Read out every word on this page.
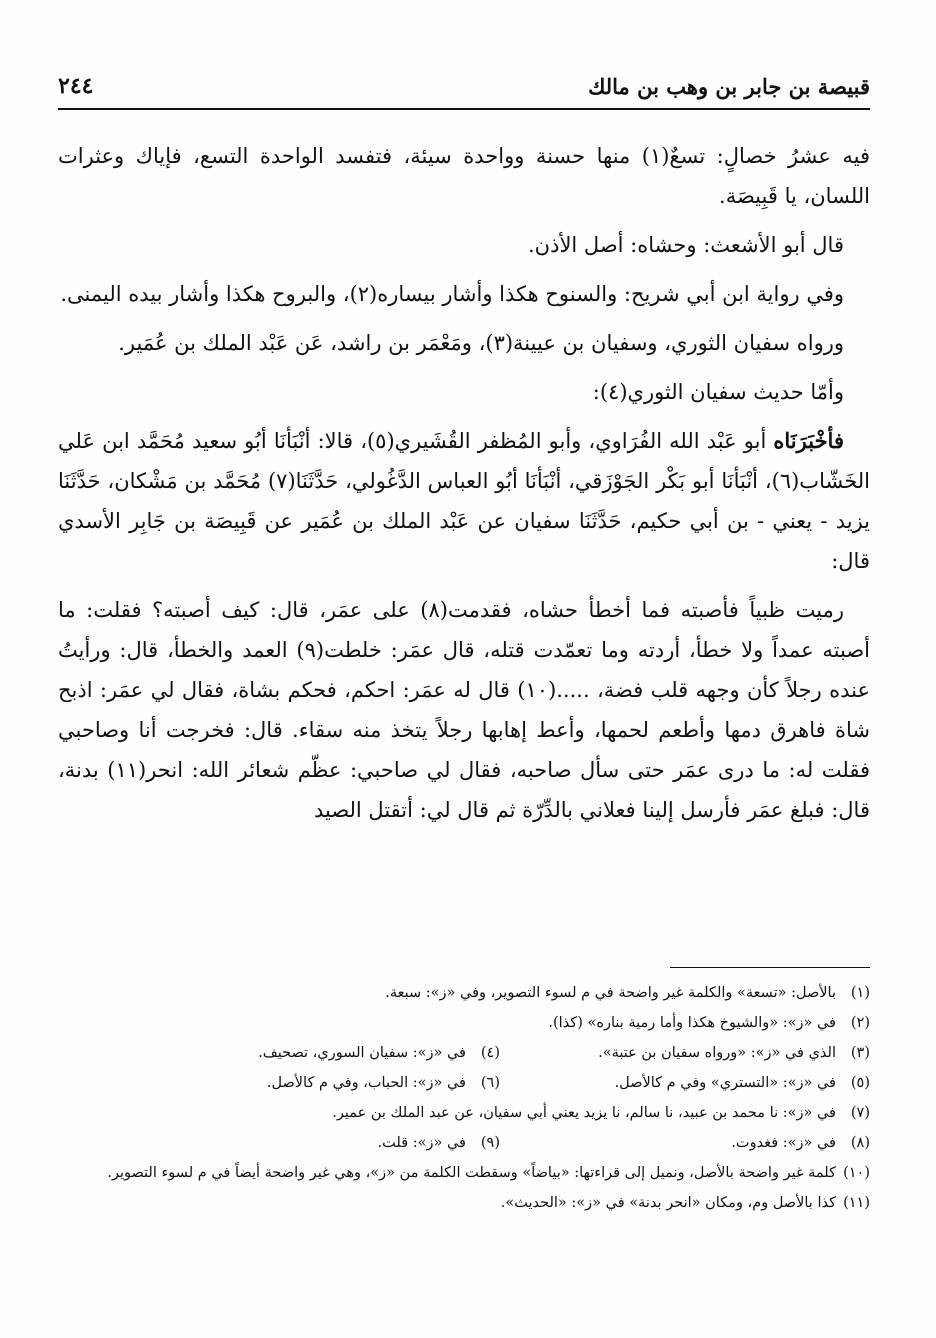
قبيصة بن جابر بن وهب بن مالك
٢٤٤

فيه عشرُ خصالٍ: تسعٌ(١) منها حسنة وواحدة سيئة، فتفسد الواحدة التسع، فإياك وعثرات اللسان، يا قَبِيصَة.

قال أبو الأشعث: وحشاه: أصل الأذن.

وفي رواية ابن أبي شريح: والسنوح هكذا وأشار بيساره(٢)، والبروح هكذا وأشار بيده اليمنى.

ورواه سفيان الثوري، وسفيان بن عيينة(٣)، ومَعْمَر بن راشد، عَن عَبْد الملك بن عُمَير.

وأمّا حديث سفيان الثوري(٤):

فأخْبَرَنَاه أبو عَبْد الله الفُرَاوي، وأبو المُظفر القُشَيري(٥)، قالا: أنْبَأنَا أبُو سعيد مُحَمَّد ابن عَلي الخَشّاب(٦)، أنْبَأنَا أبو بَكْر الجَوْزَقي، أنْبَأنَا أبُو العباس الدَّغُولي، حَدَّثَنَا(٧) مُحَمَّد بن مَشْكان، حَدَّثَنَا يزيد - يعني - بن أبي حكيم، حَدَّثَنَا سفيان عن عَبْد الملك بن عُمَير عن قَبِيصَة بن جَابِر الأسدي قال:

رميت ظبياً فأصبته فما أخطأ حشاه، فقدمت(٨) على عمَر، قال: كيف أصبته؟ فقلت: ما أصبته عمداً ولا خطأ، أردته وما تعمّدت قتله، قال عمَر: خلطت(٩) العمد والخطأ، قال: ورأيتُ عنده رجلاً كأن وجهه قلب فضة، .....(١٠) قال له عمَر: احكم، فحكم بشاة، فقال لي عمَر: اذبح شاة فاهرق دمها وأطعم لحمها، وأعط إهابها رجلاً يتخذ منه سقاء. قال: فخرجت أنا وصاحبي فقلت له: ما درى عمَر حتى سأل صاحبه، فقال لي صاحبي: عظّم شعائر الله: انحر(١١) بدنة، قال: فبلغ عمَر فأرسل إلينا فعلاني بالدِّرّة ثم قال لي: أتقتل الصيد

(١)
بالأصل: «تسعة» والكلمة غير واضحة في م لسوء التصوير، وفي «ز»: سبعة.
(٢)
في «ز»: «والشيوخ هكذا وأما رمية بناره» (كذا).
(٣)
الذي في «ز»: «ورواه سفيان بن عتبة».
(٤)
في «ز»: سفيان السوري، تصحيف.
(٥)
في «ز»: «التستري» وفي م كالأصل.
(٦)
في «ز»: الحباب، وفي م كالأصل.
(٧)
في «ز»: نا محمد بن عبيد، نا سالم، نا يزيد يعني أبي سفيان، عن عبد الملك بن عمير.
(٨)
في «ز»: فغدوت.
(٩)
في «ز»: قلت.
(١٠)
كلمة غير واضحة بالأصل، ونميل إلى قراءتها: «بياضاً» وسقطت الكلمة من «ز»، وهي غير واضحة أيضاً في م لسوء التصوير.
(١١)
كذا بالأصل وم، ومكان «انحر بدنة» في «ز»: «الحديث».
